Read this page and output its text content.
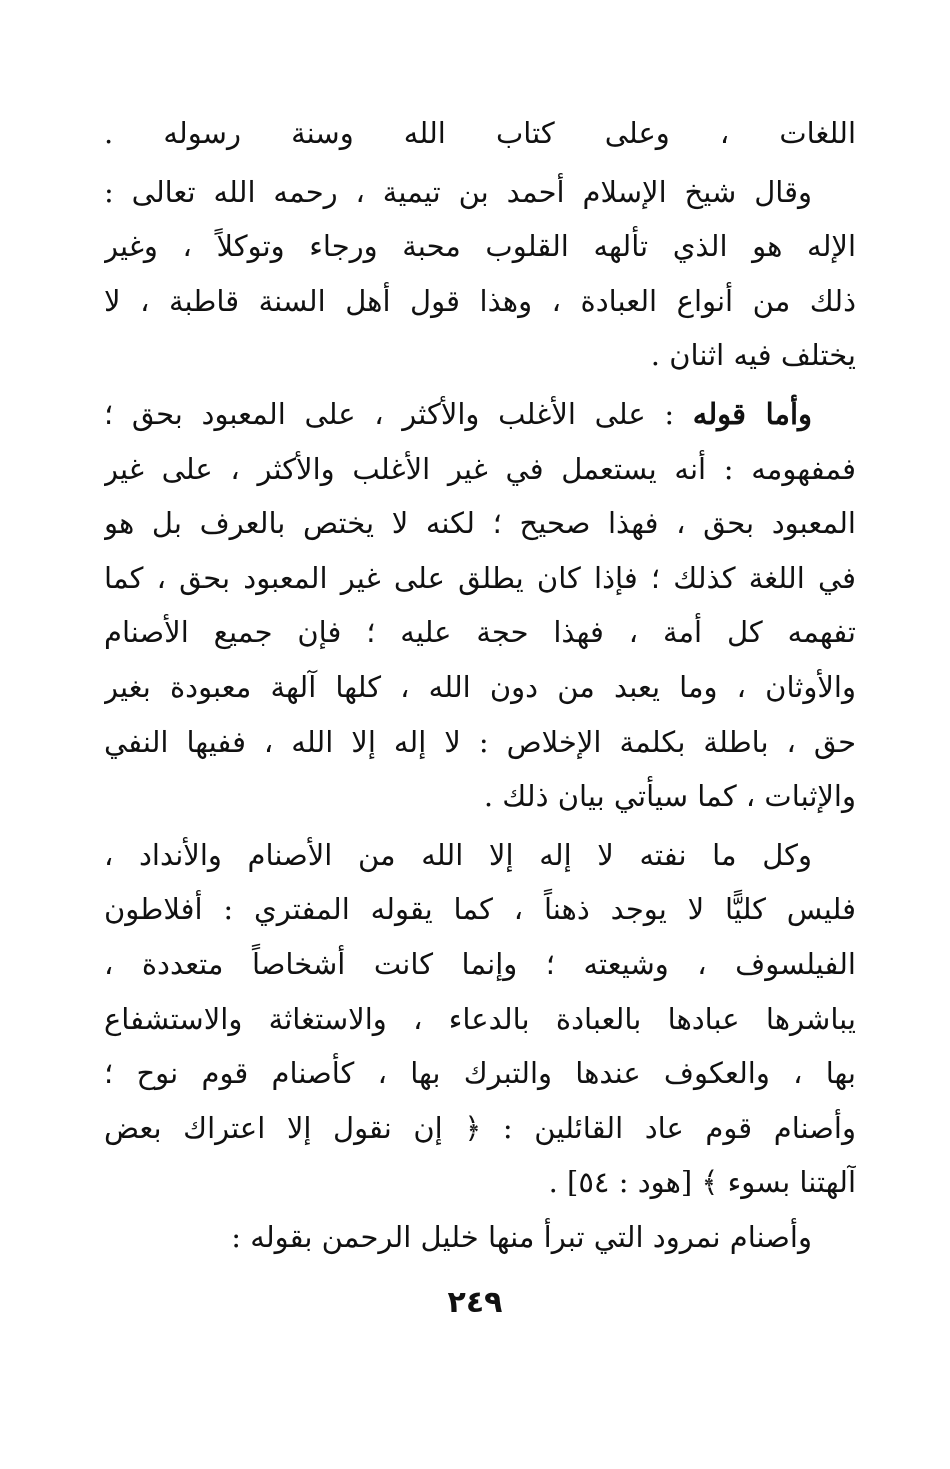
اللغات ، وعلى كتاب الله وسنة رسوله .
وقال شيخ الإسلام أحمد بن تيمية ، رحمه الله تعالى :
الإله هو الذي تألهه القلوب محبة ورجاء وتوكلاً ، وغير
ذلك من أنواع العبادة ، وهذا قول أهل السنة قاطبة ، لا
يختلف فيه اثنان .
وأما قوله : على الأغلب والأكثر ، على المعبود بحق ؛
فمفهومه : أنه يستعمل في غير الأغلب والأكثر ، على غير
المعبود بحق ، فهذا صحيح ؛ لكنه لا يختص بالعرف بل هو
في اللغة كذلك ؛ فإذا كان يطلق على غير المعبود بحق ، كما
تفهمه كل أمة ، فهذا حجة عليه ؛ فإن جميع الأصنام
والأوثان ، وما يعبد من دون الله ، كلها آلهة معبودة بغير
حق ، باطلة بكلمة الإخلاص : لا إله إلا الله ، ففيها النفي
والإثبات ، كما سيأتي بيان ذلك .
وكل ما نفته لا إله إلا الله من الأصنام والأنداد ،
فليس كليًّا لا يوجد ذهناً ، كما يقوله المفتري : أفلاطون
الفيلسوف ، وشيعته ؛ وإنما كانت أشخاصاً متعددة ،
يباشرها عبادها بالعبادة بالدعاء ، والاستغاثة والاستشفاع
بها ، والعكوف عندها والتبرك بها ، كأصنام قوم نوح ؛
وأصنام قوم عاد القائلين : ﴿ إن نقول إلا اعتراك بعض
آلهتنا بسوء ﴾ [هود : ٥٤] .
وأصنام نمرود التي تبرأ منها خليل الرحمن بقوله :
٢٤٩
